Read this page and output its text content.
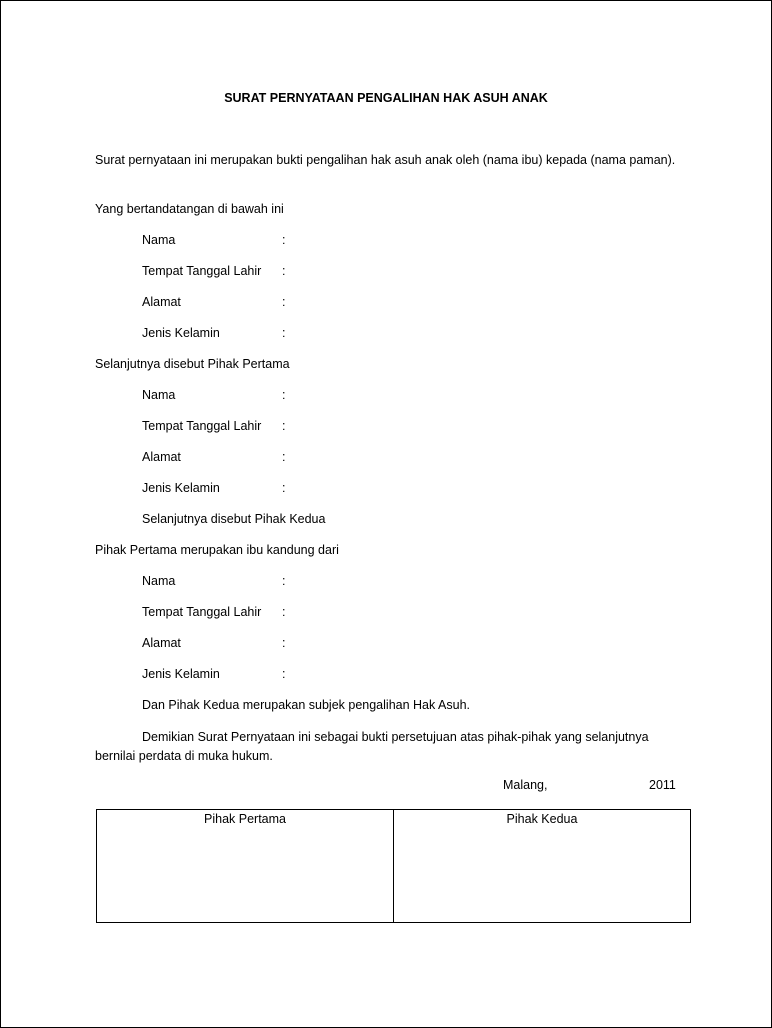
SURAT PERNYATAAN PENGALIHAN HAK ASUH ANAK
Surat pernyataan ini merupakan bukti pengalihan hak asuh anak oleh (nama ibu) kepada (nama paman).
Yang bertandatangan di bawah ini
Nama	:
Tempat Tanggal Lahir :
Alamat	:
Jenis Kelamin	:
Selanjutnya disebut Pihak Pertama
Nama	:
Tempat Tanggal Lahir :
Alamat	:
Jenis Kelamin	:
Selanjutnya disebut Pihak Kedua
Pihak Pertama merupakan ibu kandung dari
Nama	:
Tempat Tanggal Lahir :
Alamat	:
Jenis Kelamin	:
Dan Pihak Kedua merupakan subjek pengalihan Hak Asuh.
Demikian Surat Pernyataan ini sebagai bukti persetujuan atas pihak-pihak yang selanjutnya bernilai perdata di muka hukum.
Malang,	2011
Pihak Pertama	Pihak Kedua
